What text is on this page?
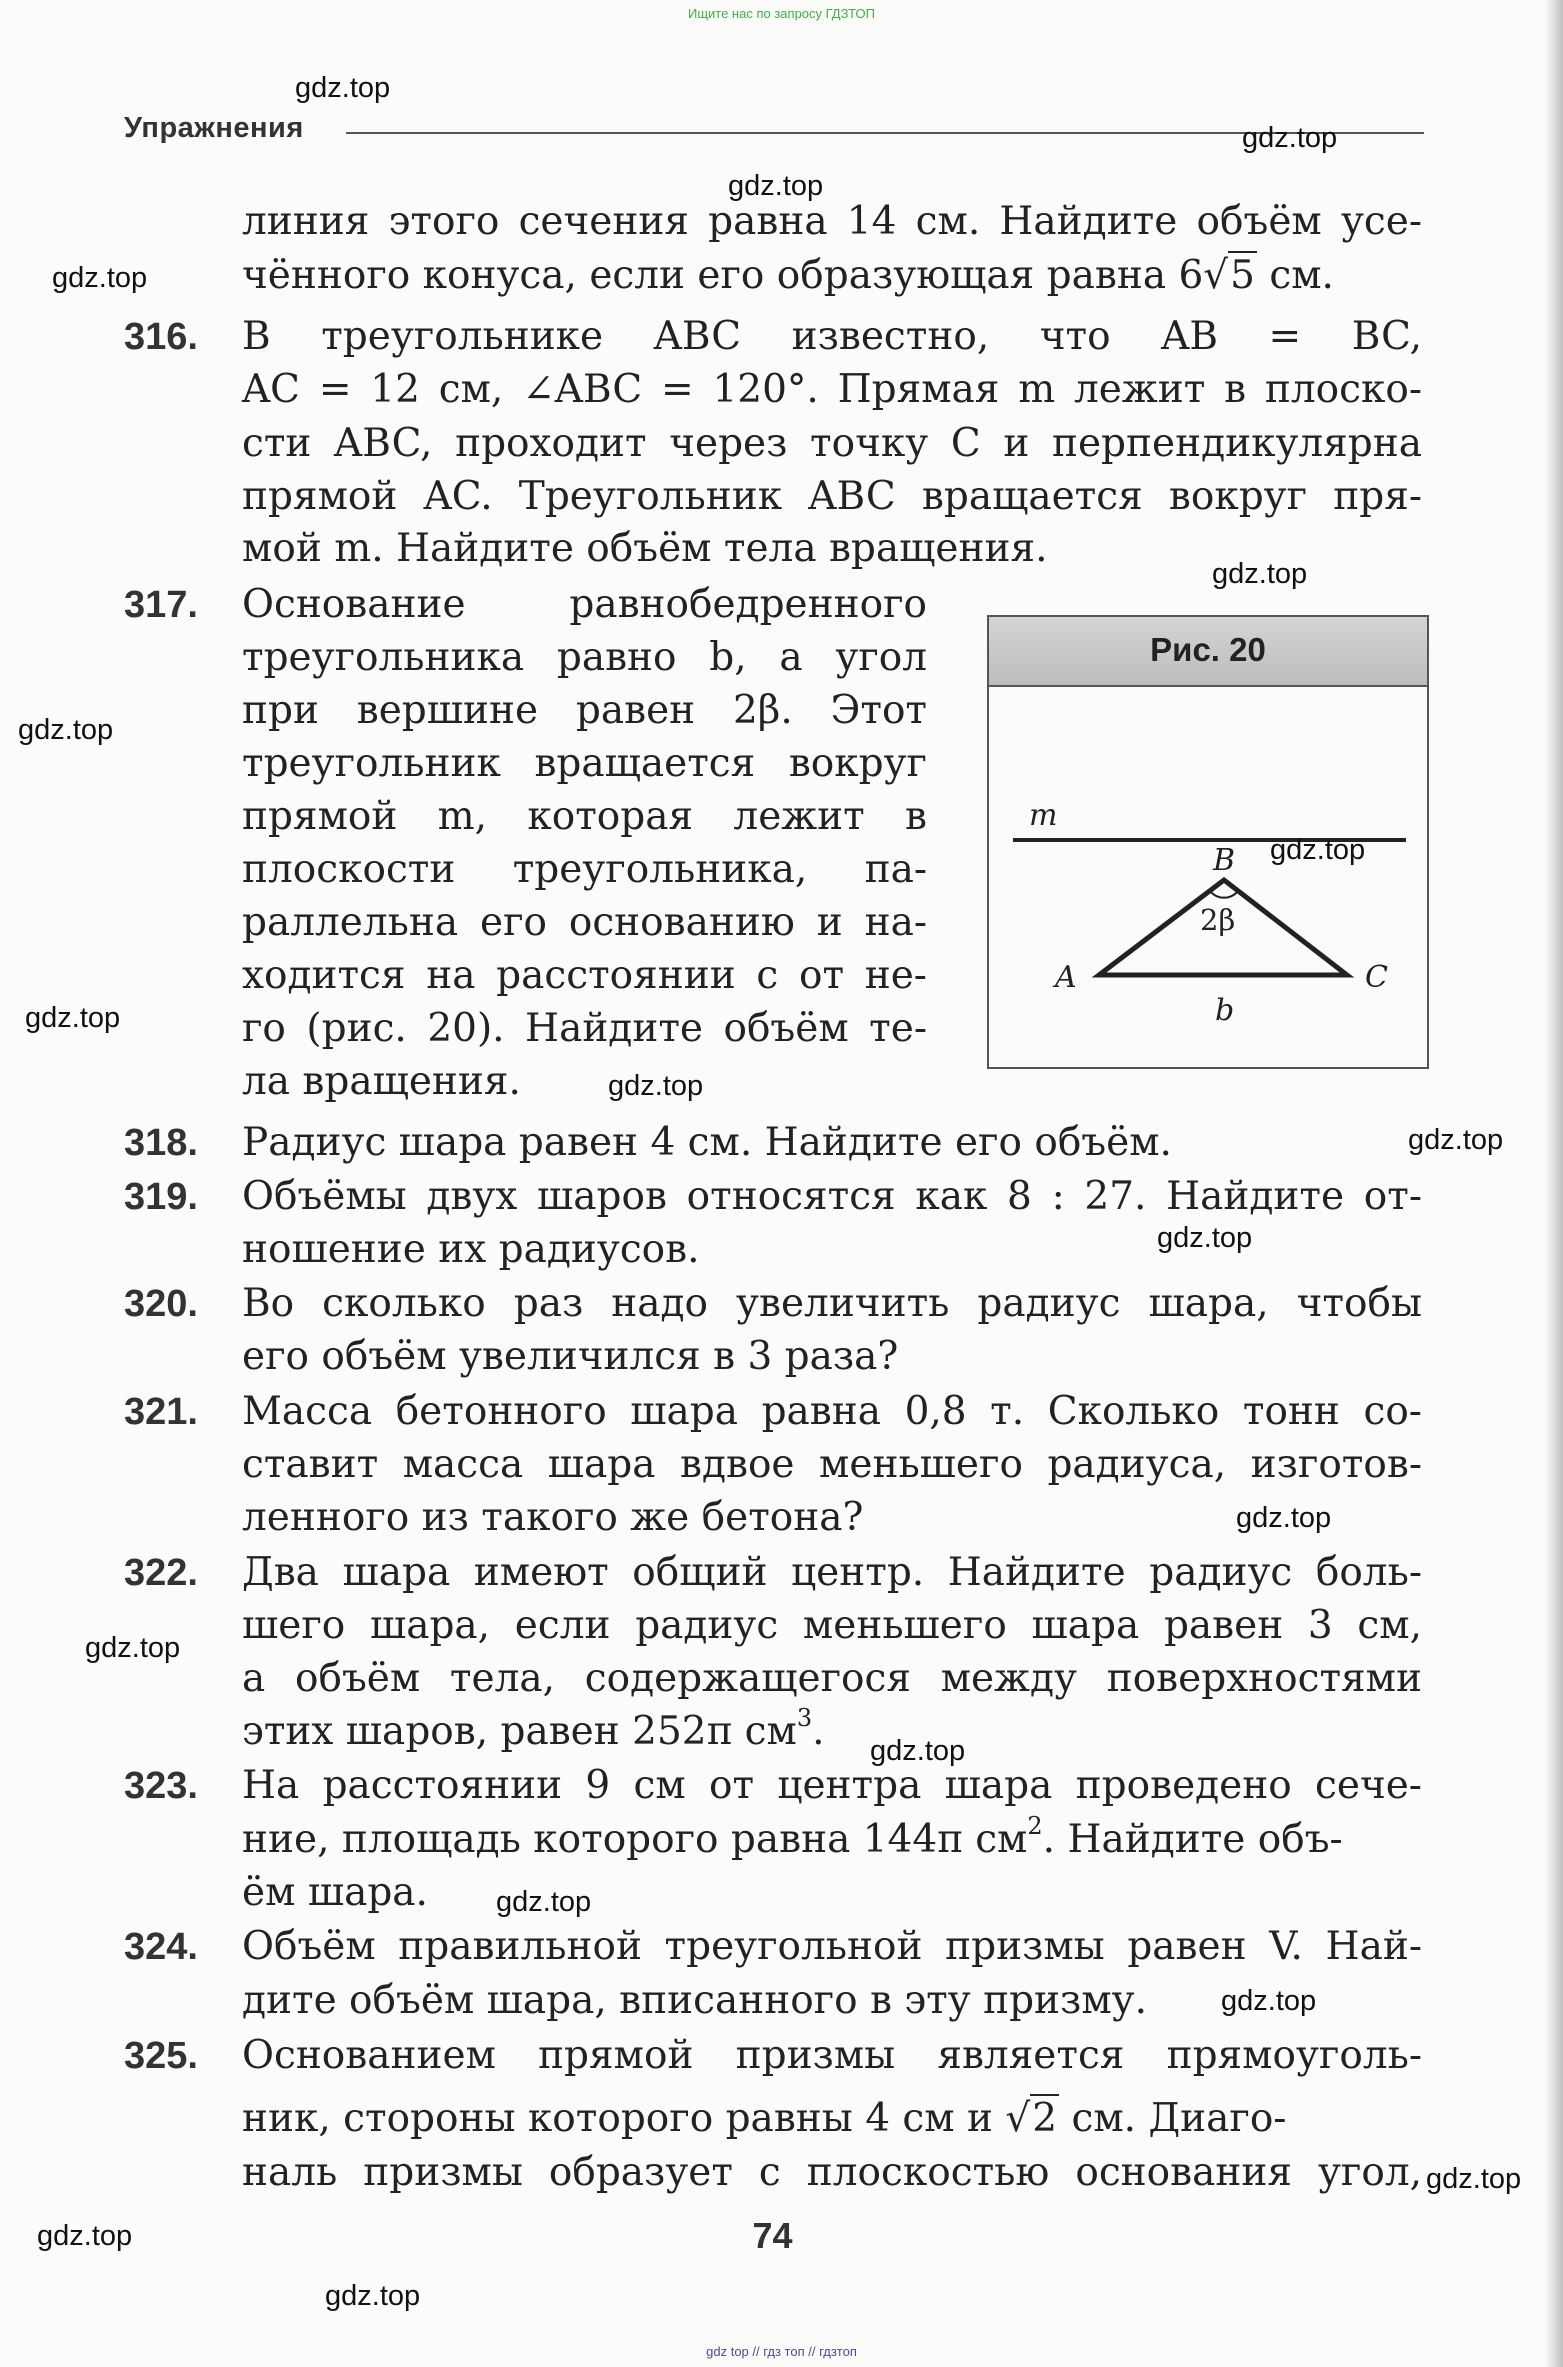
Ищите нас по запросу ГДЗТОП
Упражнения
линия этого сечения равна 14 см. Найдите объём усе-
чённого конуса, если его образующая равна 6√5 см.
316. В треугольнике ABC известно, что AB = BC,
AC = 12 см, ∠ABC = 120°. Прямая m лежит в плоско-
сти ABC, проходит через точку C и перпендикулярна
прямой AC. Треугольник ABC вращается вокруг пря-
мой m. Найдите объём тела вращения.
317. Основание равнобедренного
треугольника равно b, а угол
при вершине равен 2β. Этот
треугольник вращается вокруг
прямой m, которая лежит в
плоскости треугольника, па-
раллельна его основанию и на-
ходится на расстоянии c от не-
го (рис. 20). Найдите объём те-
ла вращения.
Рис. 20
m
B
2β
A	C
b
318. Радиус шара равен 4 см. Найдите его объём.
319. Объёмы двух шаров относятся как 8 : 27. Найдите от-
ношение их радиусов.
320. Во сколько раз надо увеличить радиус шара, чтобы
его объём увеличился в 3 раза?
321. Масса бетонного шара равна 0,8 т. Сколько тонн со-
ставит масса шара вдвое меньшего радиуса, изготов-
ленного из такого же бетона?
322. Два шара имеют общий центр. Найдите радиус боль-
шего шара, если радиус меньшего шара равен 3 см,
а объём тела, содержащегося между поверхностями
этих шаров, равен 252π $см^3$.
323. На расстоянии 9 см от центра шара проведено сече-
ние, площадь которого равна 144π $см^2$. Найдите объ-
ём шара.
324. Объём правильной треугольной призмы равен V. Най-
дите объём шара, вписанного в эту призму.
325. Основанием прямой призмы является прямоуголь-
ник, стороны которого равны 4 см и √2 см. Диаго-
наль призмы образует с плоскостью основания угол,
74
gdz.top
gdz.top
gdz.top
gdz.top
gdz.top
gdz.top
gdz.top
gdz.top
gdz.top
gdz.top
gdz.top
gdz.top
gdz.top
gdz.top
gdz.top
gdz.top
gdz.top
gdz.top
gdz.top
gdz top // гдз топ // гдзтоп
